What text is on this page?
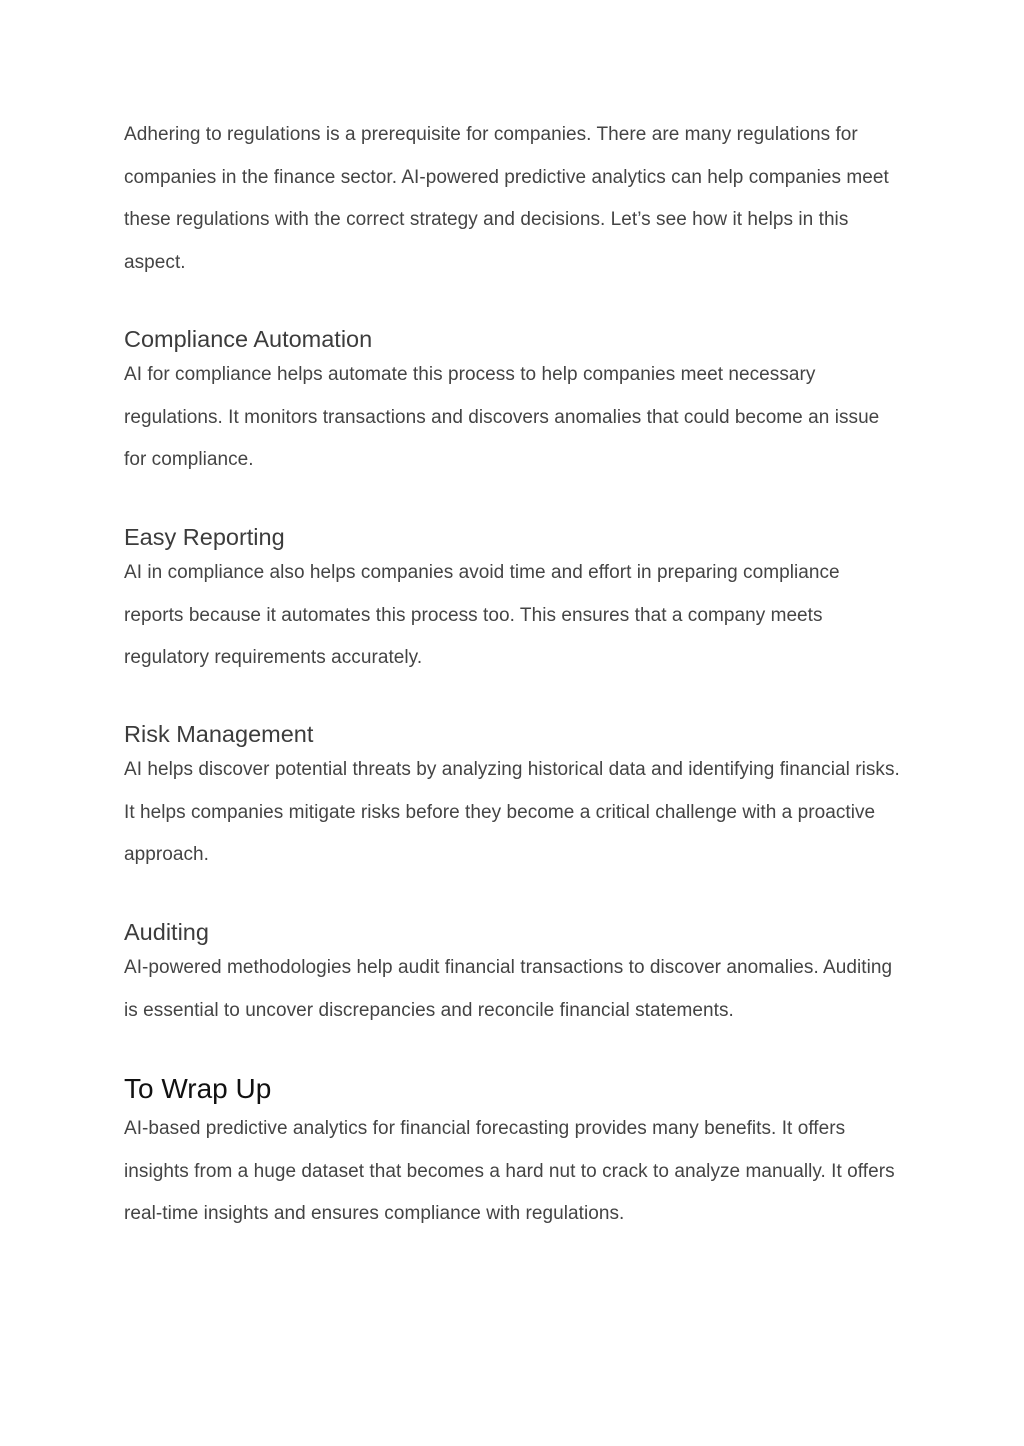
Adhering to regulations is a prerequisite for companies. There are many regulations for companies in the finance sector. AI-powered predictive analytics can help companies meet these regulations with the correct strategy and decisions. Let’s see how it helps in this aspect.

Compliance Automation

AI for compliance helps automate this process to help companies meet necessary regulations. It monitors transactions and discovers anomalies that could become an issue for compliance.

Easy Reporting

AI in compliance also helps companies avoid time and effort in preparing compliance reports because it automates this process too. This ensures that a company meets regulatory requirements accurately.

Risk Management

AI helps discover potential threats by analyzing historical data and identifying financial risks. It helps companies mitigate risks before they become a critical challenge with a proactive approach.

Auditing

AI-powered methodologies help audit financial transactions to discover anomalies. Auditing is essential to uncover discrepancies and reconcile financial statements.

To Wrap Up

AI-based predictive analytics for financial forecasting provides many benefits. It offers insights from a huge dataset that becomes a hard nut to crack to analyze manually. It offers real-time insights and ensures compliance with regulations.
